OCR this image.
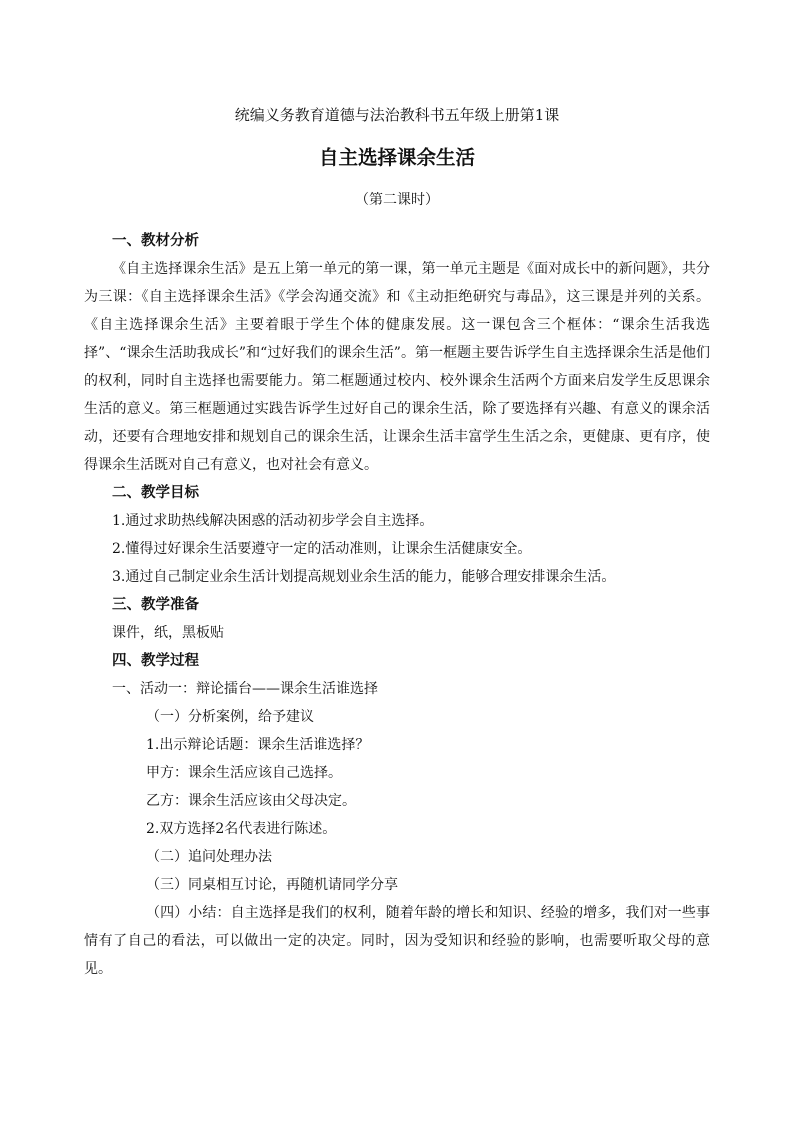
统编义务教育道德与法治教科书五年级上册第1课
自主选择课余生活
（第二课时）
一、教材分析
《自主选择课余生活》是五上第一单元的第一课，第一单元主题是《面对成长中的新问题》，共分为三课：《自主选择课余生活》《学会沟通交流》和《主动拒绝研究与毒品》，这三课是并列的关系。《自主选择课余生活》主要着眼于学生个体的健康发展。这一课包含三个框体：“课余生活我选择”、“课余生活助我成长”和“过好我们的课余生活”。第一框题主要告诉学生自主选择课余生活是他们的权利，同时自主选择也需要能力。第二框题通过校内、校外课余生活两个方面来启发学生反思课余生活的意义。第三框题通过实践告诉学生过好自己的课余生活，除了要选择有兴趣、有意义的课余活动，还要有合理地安排和规划自己的课余生活，让课余生活丰富学生生活之余，更健康、更有序，使得课余生活既对自己有意义，也对社会有意义。
二、教学目标
1.通过求助热线解决困惑的活动初步学会自主选择。
2.懂得过好课余生活要遵守一定的活动准则，让课余生活健康安全。
3.通过自己制定业余生活计划提高规划业余生活的能力，能够合理安排课余生活。
三、教学准备
课件，纸，黑板贴
四、教学过程
一、活动一：辩论擂台——课余生活谁选择
（一）分析案例，给予建议
1.出示辩论话题：课余生活谁选择？
甲方：课余生活应该自己选择。
乙方：课余生活应该由父母决定。
2.双方选择2名代表进行陈述。
（二）追问处理办法
（三）同桌相互讨论，再随机请同学分享
（四）小结：自主选择是我们的权利，随着年龄的增长和知识、经验的增多，我们对一些事情有了自己的看法，可以做出一定的决定。同时，因为受知识和经验的影响，也需要听取父母的意见。
